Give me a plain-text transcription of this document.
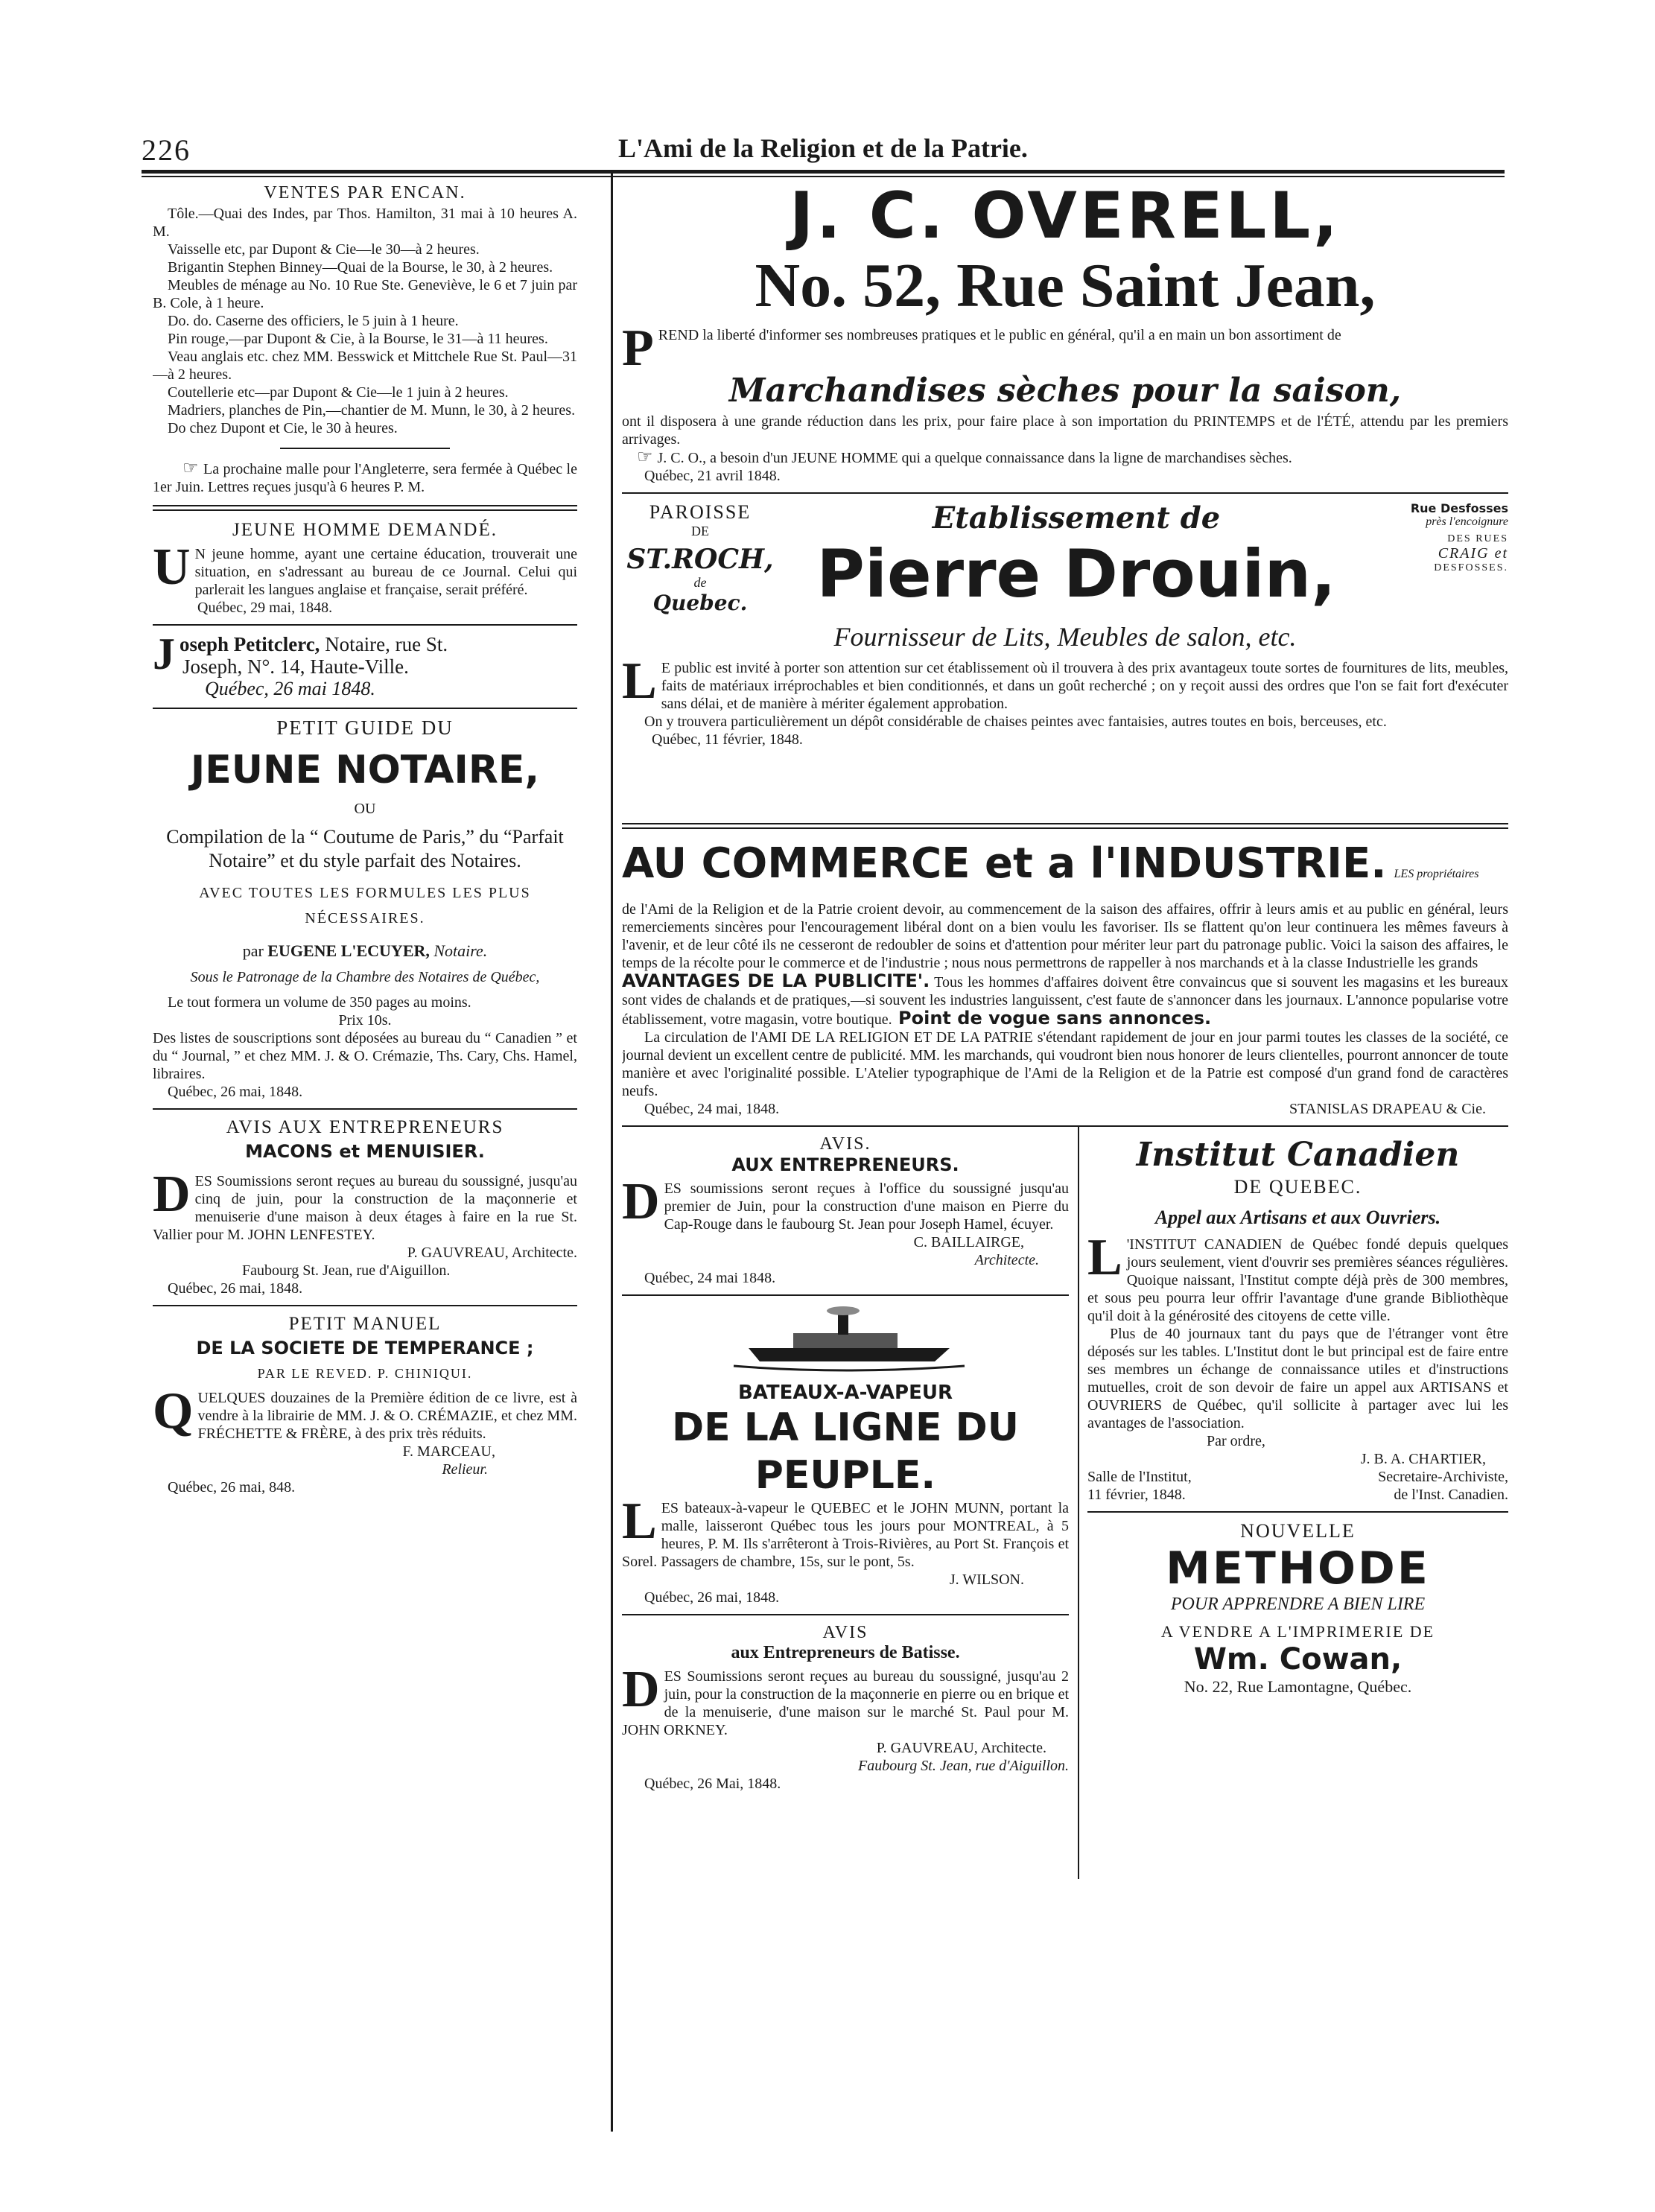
226	L'Ami de la Religion et de la Patrie.

VENTES PAR ENCAN.

Tôle.—Quai des Indes, par Thos. Hamilton, 31 mai à 10 heures A. M.

Vaisselle etc, par Dupont & Cie—le 30—à 2 heures.

Brigantin Stephen Binney—Quai de la Bourse, le 30, à 2 heures.

Meubles de ménage au No. 10 Rue Ste. Geneviève, le 6 et 7 juin par B. Cole, à 1 heure.

Do. do. Caserne des officiers, le 5 juin à 1 heure.

Pin rouge,—par Dupont & Cie, à la Bourse, le 31—à 11 heures.

Veau anglais etc. chez MM. Besswick et Mittchele Rue St. Paul—31—à 2 heures.

Coutellerie etc—par Dupont & Cie—le 1 juin à 2 heures.

Madriers, planches de Pin,—chantier de M. Munn, le 30, à 2 heures.

Do chez Dupont et Cie, le 30 à heures.

☞ La prochaine malle pour l'Angleterre, sera fermée à Québec le 1er Juin. Lettres reçues jusqu'à 6 heures P. M.

JEUNE HOMME DEMANDÉ.

U N jeune homme, ayant une certaine éducation, trouverait une situation, en s'adressant au bureau de ce Journal. Celui qui parlerait les langues anglaise et française, serait préféré.

Québec, 29 mai, 1848.

Joseph Petitclerc, Notaire, rue St.

Joseph, N°. 14, Haute-Ville.

Québec, 26 mai 1848.

PETIT GUIDE DU

JEUNE NOTAIRE,

OU

Compilation de la “ Coutume de Paris,” du “Parfait Notaire” et du style parfait des Notaires.

AVEC TOUTES LES FORMULES LES PLUS NÉCESSAIRES.

par EUGENE L'ECUYER, Notaire.

Sous le Patronage de la Chambre des Notaires de Québec,

Le tout formera un volume de 350 pages au moins.

Prix 10s.

Des listes de souscriptions sont déposées au bureau du “ Canadien ” et du “ Journal, ” et chez MM. J. & O. Crémazie, Ths. Cary, Chs. Hamel, libraires.

Québec, 26 mai, 1848.

AVIS AUX ENTREPRENEURS

MACONS et MENUISIER.

DES Soumissions seront reçues au bureau du soussigné, jusqu'au cinq de juin, pour la construction de la maçonnerie et menuiserie d'une maison à deux étages à faire en la rue St. Vallier pour M. JOHN LENFESTEY.

P. GAUVREAU, Architecte.

Faubourg St. Jean, rue d'Aiguillon.

Québec, 26 mai, 1848.

PETIT MANUEL

DE LA SOCIETE DE TEMPERANCE ;

PAR LE REVED. P. CHINIQUI.

QUELQUES douzaines de la Première édition de ce livre, est à vendre à la librairie de MM. J. & O. CRÉMAZIE, et chez MM. FRÉCHETTE & FRÈRE, à des prix très réduits.

F. MARCEAU,

Relieur.

Québec, 26 mai, 848.

J. C. OVERELL,

No. 52, Rue Saint Jean,

PREND la liberté d'informer ses nombreuses pratiques et le public en général, qu'il a en main un bon assortiment de

Marchandises sèches pour la saison,

ont il disposera à une grande réduction dans les prix, pour faire place à son importation du PRINTEMPS et de l'ÉTÉ, attendu par les premiers arrivages.

☞ J. C. O., a besoin d'un JEUNE HOMME qui a quelque connaissance dans la ligne de marchandises sèches.

Québec, 21 avril 1848.

PAROISSE

DE

ST.ROCH,

de

Quebec.

Etablissement de

Pierre Drouin,

Rue Desfosses

près l'encoignure

DES RUES

CRAIG et

DESFOSSES.

Fournisseur de Lits, Meubles de salon, etc.

L E public est invité à porter son attention sur cet établissement où il trouvera à des prix avantageux toute sortes de fournitures de lits, meubles, faits de matériaux irréprochables et bien conditionnés, et dans un goût recherché ; on y reçoit aussi des ordres que l'on se fait fort d'exécuter sans délai, et de manière à mériter également approbation.

On y trouvera particulièrement un dépôt considérable de chaises peintes avec fantaisies, autres toutes en bois, berceuses, etc.

Québec, 11 février, 1848.

AU COMMERCE et a l'INDUSTRIE. LES propriétaires

de l'Ami de la Religion et de la Patrie croient devoir, au commencement de la saison des affaires, offrir à leurs amis et au public en général, leurs remerciements sincères pour l'encouragement libéral dont on a bien voulu les favoriser. Ils se flattent qu'on leur continuera les mêmes faveurs à l'avenir, et de leur côté ils ne cesseront de redoubler de soins et d'attention pour mériter leur part du patronage public. Voici la saison des affaires, le temps de la récolte pour le commerce et de l'industrie ; nous nous permettrons de rappeller à nos marchands et à la classe Industrielle les grands

AVANTAGES DE LA PUBLICITE'. Tous les hommes d'affaires doivent être convaincus que si souvent les magasins et les bureaux sont vides de chalands et de pratiques,—si souvent les industries languissent, c'est faute de s'annoncer dans les journaux. L'annonce popularise votre établissement, votre magasin, votre boutique. Point de vogue sans annonces.

La circulation de l'AMI DE LA RELIGION ET DE LA PATRIE s'étendant rapidement de jour en jour parmi toutes les classes de la société, ce journal devient un excellent centre de publicité. MM. les marchands, qui voudront bien nous honorer de leurs clientelles, pourront annoncer de toute manière et avec l'originalité possible. L'Atelier typographique de l'Ami de la Religion et de la Patrie est composé d'un grand fond de caractères neufs.

Québec, 24 mai, 1848.	STANISLAS DRAPEAU & Cie.

AVIS.

AUX ENTREPRENEURS.

DES soumissions seront reçues à l'office du soussigné jusqu'au premier de Juin, pour la construction d'une maison en Pierre du Cap-Rouge dans le faubourg St. Jean pour Joseph Hamel, écuyer.

C. BAILLAIRGE,

Architecte.

Québec, 24 mai 1848.

BATEAUX-A-VAPEUR

DE LA LIGNE DU PEUPLE.

LES bateaux-à-vapeur le QUEBEC et le JOHN MUNN, portant la malle, laisseront Québec tous les jours pour MONTREAL, à 5 heures, P. M. Ils s'arrêteront à Trois-Rivières, au Port St. François et Sorel. Passagers de chambre, 15s, sur le pont, 5s.

J. WILSON.

Québec, 26 mai, 1848.

AVIS

aux Entrepreneurs de Batisse.

DES Soumissions seront reçues au bureau du soussigné, jusqu'au 2 juin, pour la construction de la maçonnerie en pierre ou en brique et de la menuiserie, d'une maison sur le marché St. Paul pour M. JOHN ORKNEY.

P. GAUVREAU, Architecte.

Faubourg St. Jean, rue d'Aiguillon.

Québec, 26 Mai, 1848.

Institut Canadien

DE QUEBEC.

Appel aux Artisans et aux Ouvriers.

L 'INSTITUT CANADIEN de Québec fondé depuis quelques jours seulement, vient d'ouvrir ses premières séances régulières. Quoique naissant, l'Institut compte déjà près de 300 membres, et sous peu pourra leur offrir l'avantage d'une grande Bibliothèque qu'il doit à la générosité des citoyens de cette ville.

Plus de 40 journaux tant du pays que de l'étranger vont être déposés sur les tables. L'Institut dont le but principal est de faire entre ses membres un échange de connaissance utiles et d'instructions mutuelles, croit de son devoir de faire un appel aux ARTISANS et OUVRIERS de Québec, qu'il sollicite à partager avec lui les avantages de l'association.

Par ordre,

J. B. A. CHARTIER,

Salle de l'Institut,

11 février, 1848.

Secretaire-Archiviste,

de l'Inst. Canadien.

NOUVELLE

METHODE

POUR APPRENDRE A BIEN LIRE

A VENDRE A L'IMPRIMERIE DE

Wm. Cowan,

No. 22, Rue Lamontagne, Québec.
